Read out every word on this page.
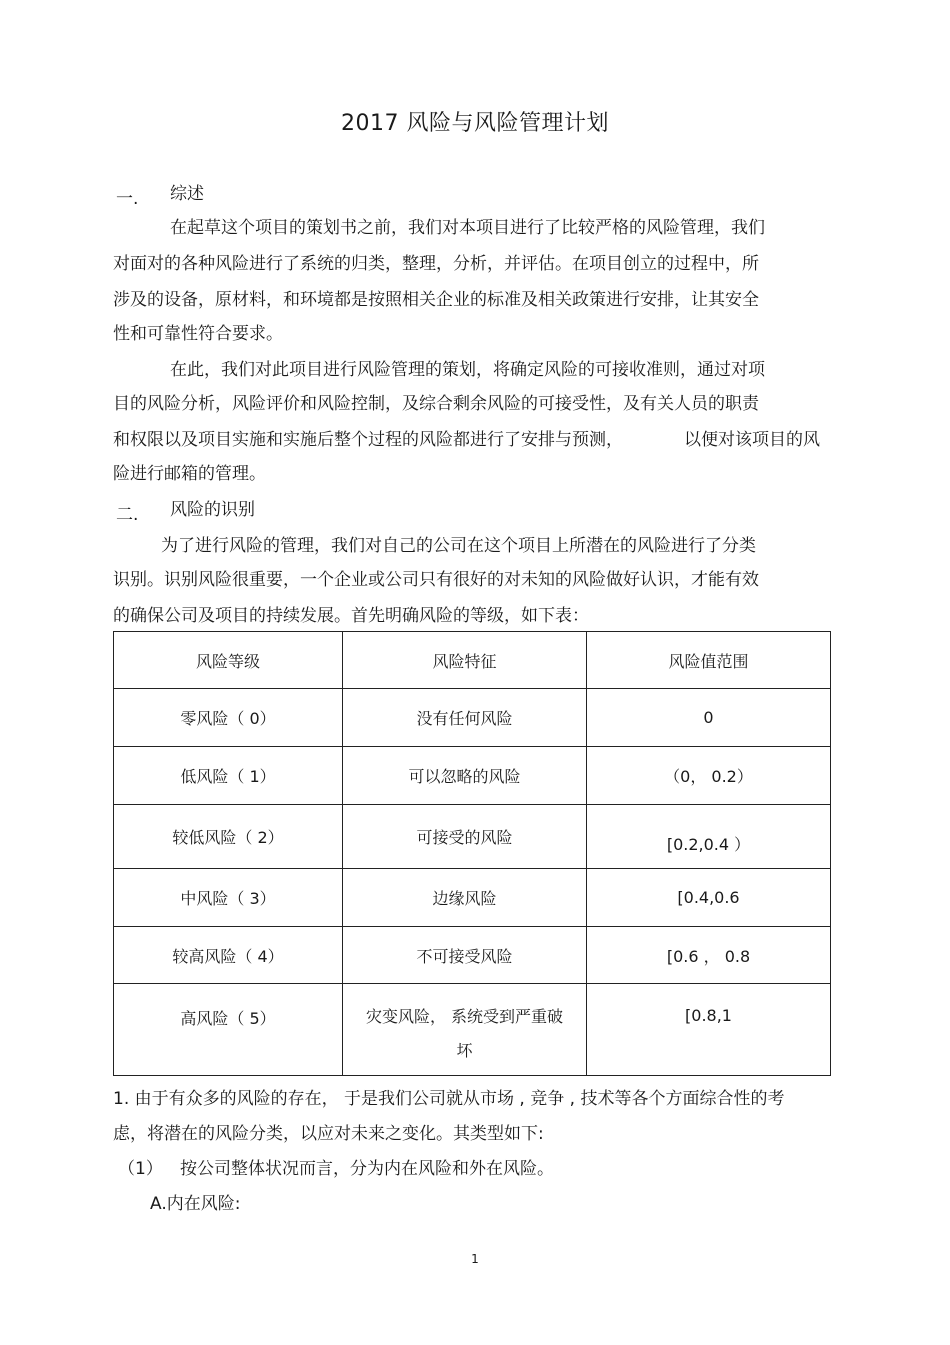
2017 风险与风险管理计划
一. 综述
在起草这个项目的策划书之前，我们对本项目进行了比较严格的风险管理，我们
对面对的各种风险进行了系统的归类，整理，分析，并评估。在项目创立的过程中，所
涉及的设备，原材料，和环境都是按照相关企业的标准及相关政策进行安排，让其安全
性和可靠性符合要求。
在此，我们对此项目进行风险管理的策划，将确定风险的可接收准则，通过对项
目的风险分析，风险评价和风险控制，及综合剩余风险的可接受性，及有关人员的职责
和权限以及项目实施和实施后整个过程的风险都进行了安排与预测，	以便对该项目的风
险进行邮箱的管理。
二. 风险的识别
为了进行风险的管理，我们对自己的公司在这个项目上所潜在的风险进行了分类
识别。识别风险很重要，一个企业或公司只有很好的对未知的风险做好认识，才能有效
的确保公司及项目的持续发展。首先明确风险的等级，如下表：
风险等级	风险特征	风险值范围
零风险（ 0）	没有任何风险	0
低风险（ 1）	可以忽略的风险	（0， 0.2）
较低风险（ 2）	可接受的风险	[0.2,0.4 ）
中风险（ 3）	边缘风险	[0.4,0.6
较高风险（ 4）	不可接受风险	[0.6 ， 0.8
高风险（ 5）	灾变风险， 系统受到严重破
坏	[0.8,1
1. 由于有众多的风险的存在， 于是我们公司就从市场 , 竞争 , 技术等各个方面综合性的考
虑，将潜在的风险分类，以应对未来之变化。其类型如下:
（1） 按公司整体状况而言，分为内在风险和外在风险。
A.内在风险:
1
